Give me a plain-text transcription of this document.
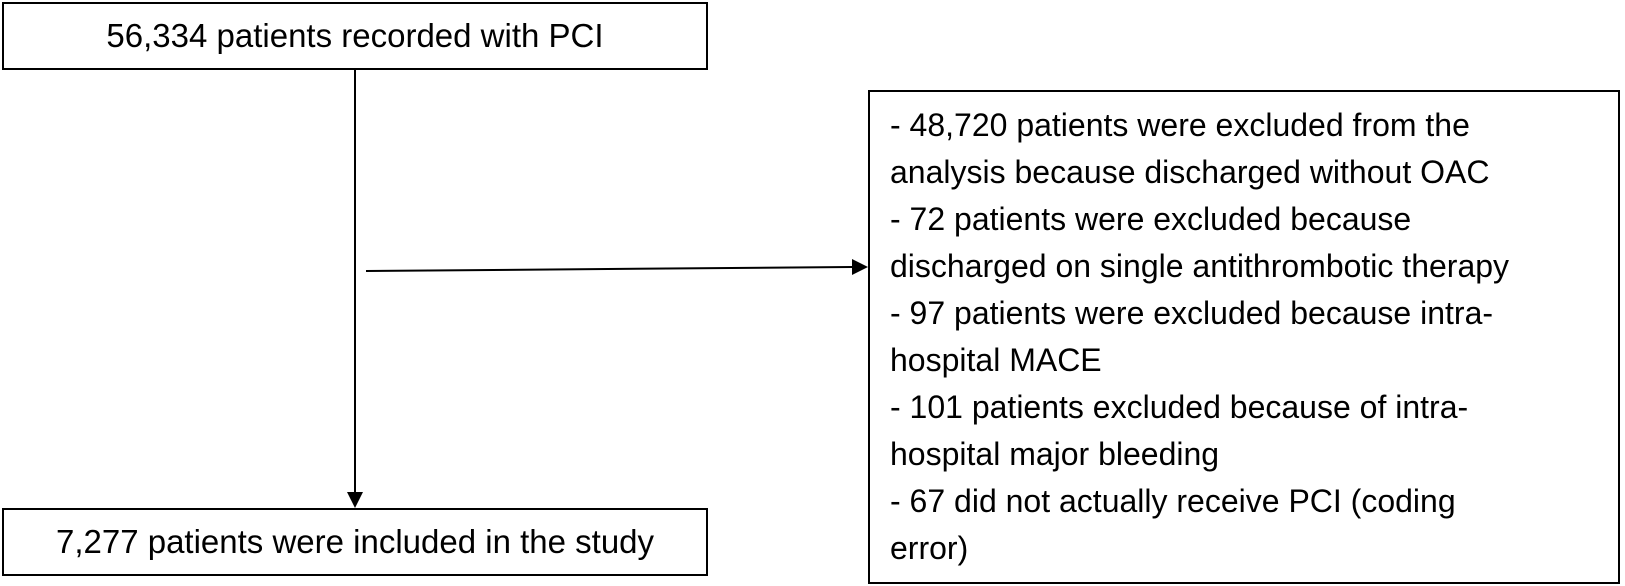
56,334 patients recorded with PCI
- 48,720 patients were excluded from the
analysis because discharged without OAC
- 72 patients were excluded because
discharged on single antithrombotic therapy
- 97 patients were excluded because intra-
hospital MACE
- 101 patients excluded because of intra-
hospital major bleeding
- 67 did not actually receive PCI (coding
error)
7,277 patients were included in the study
